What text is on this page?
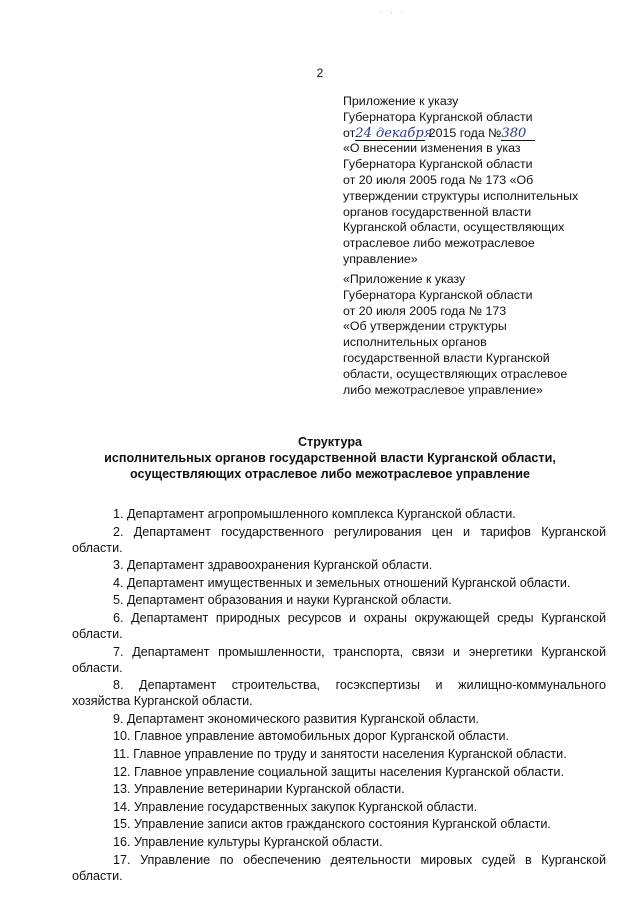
. . .
2
Приложение к указу
Губернатора Курганской области
от24 декабря 2015 года №380
«О внесении изменения в указ
Губернатора Курганской области
от 20 июля 2005 года № 173 «Об
утверждении структуры исполнительных
органов государственной власти
Курганской области, осуществляющих
отраслевое либо межотраслевое
управление»
«Приложение к указу
Губернатора Курганской области
от 20 июля 2005 года № 173
«Об утверждении структуры
исполнительных органов
государственной власти Курганской
области, осуществляющих отраслевое
либо межотраслевое управление»
Структура
исполнительных органов государственной власти Курганской области,
осуществляющих отраслевое либо межотраслевое управление
1. Департамент агропромышленного комплекса Курганской области.
2. Департамент государственного регулирования цен и тарифов Курганской области.
3. Департамент здравоохранения Курганской области.
4. Департамент имущественных и земельных отношений Курганской области.
5. Департамент образования и науки Курганской области.
6. Департамент природных ресурсов и охраны окружающей среды Курганской области.
7. Департамент промышленности, транспорта, связи и энергетики Курганской области.
8. Департамент строительства, госэкспертизы и жилищно-коммунального хозяйства Курганской области.
9. Департамент экономического развития Курганской области.
10. Главное управление автомобильных дорог Курганской области.
11. Главное управление по труду и занятости населения Курганской области.
12. Главное управление социальной защиты населения Курганской области.
13. Управление ветеринарии Курганской области.
14. Управление государственных закупок Курганской области.
15. Управление записи актов гражданского состояния Курганской области.
16. Управление культуры Курганской области.
17. Управление по обеспечению деятельности мировых судей в Курганской области.
